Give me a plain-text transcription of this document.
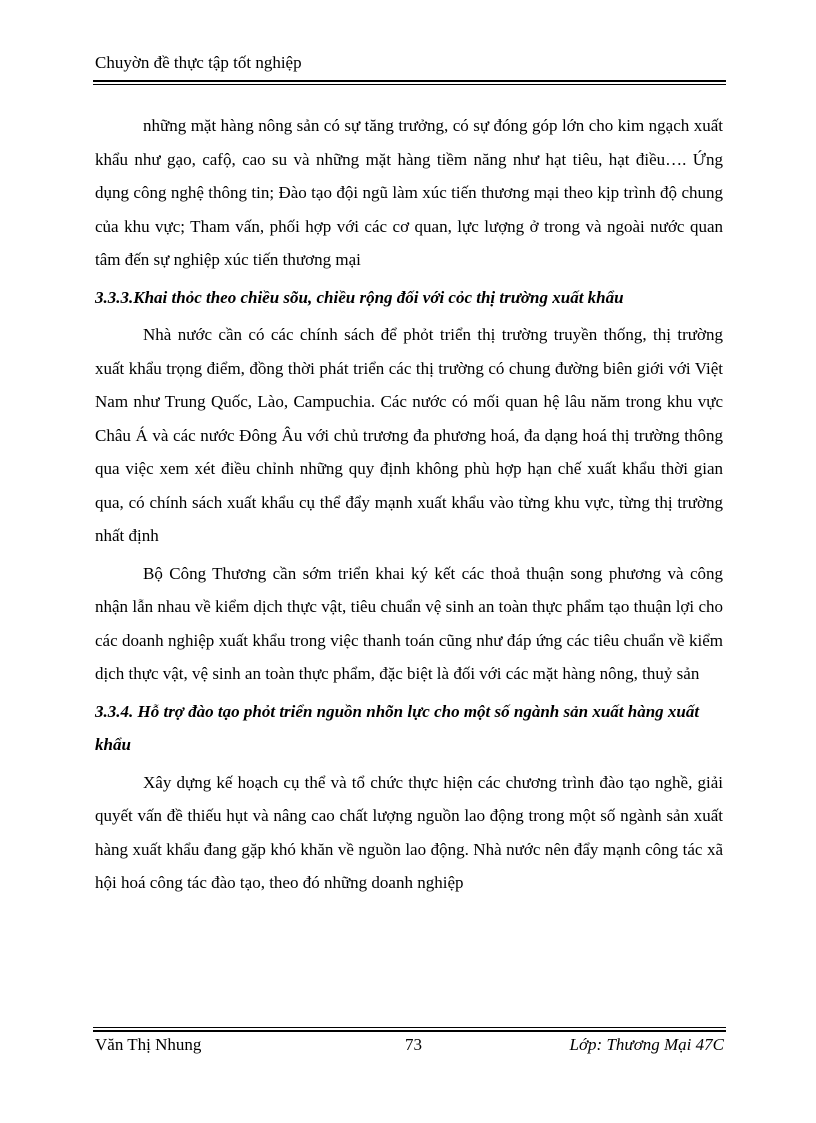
Chuyờn đề thực tập tốt nghiệp

những mặt hàng nông sản có sự tăng trưởng, có sự đóng góp lớn cho kim ngạch xuất khẩu như gạo, cafộ, cao su và những mặt hàng tiềm năng như hạt tiêu, hạt điều…. Ứng dụng công nghệ thông tin; Đào tạo đội ngũ làm xúc tiến thương mại theo kịp trình độ chung của khu vực; Tham vấn, phối hợp với các cơ quan, lực lượng ở trong và ngoài nước quan tâm đến sự nghiệp xúc tiến thương mại

3.3.3.Khai thỏc theo chiều sõu, chiều rộng đối với cỏc thị trường xuất khẩu

Nhà nước cần có các chính sách để phỏt triển thị trường truyền thống, thị trường xuất khẩu trọng điểm, đồng thời phát triển các thị trường có chung đường biên giới với Việt Nam như Trung Quốc, Lào, Campuchia. Các nước có mối quan hệ lâu năm trong khu vực Châu Á và các nước Đông Âu với chủ trương đa phương hoá, đa dạng hoá thị trường thông qua việc xem xét điều chỉnh những quy định không phù hợp hạn chế xuất khẩu thời gian qua, có chính sách xuất khẩu cụ thể đẩy mạnh xuất khẩu vào từng khu vực, từng thị trường nhất định

Bộ Công Thương cần sớm triển khai ký kết các thoả thuận song phương và công nhận lẫn nhau về kiểm dịch thực vật, tiêu chuẩn vệ sinh an toàn thực phẩm tạo thuận lợi cho các doanh nghiệp xuất khẩu trong việc thanh toán cũng như đáp ứng các tiêu chuẩn về kiểm dịch thực vật, vệ sinh an toàn thực phẩm, đặc biệt là đối với các mặt hàng nông, thuỷ sản

3.3.4. Hỗ trợ đào tạo phỏt triển nguồn nhõn lực cho một số ngành sản xuất hàng xuất khẩu

Xây dựng kế hoạch cụ thể và tổ chức thực hiện các chương trình đào tạo nghề, giải quyết vấn đề thiếu hụt và nâng cao chất lượng nguồn lao động trong một số ngành sản xuất hàng xuất khẩu đang gặp khó khăn về nguồn lao động. Nhà nước nên đẩy mạnh công tác xã hội hoá công tác đào tạo, theo đó những doanh nghiệp

Văn Thị Nhung	73	Lớp: Thương Mại 47C
